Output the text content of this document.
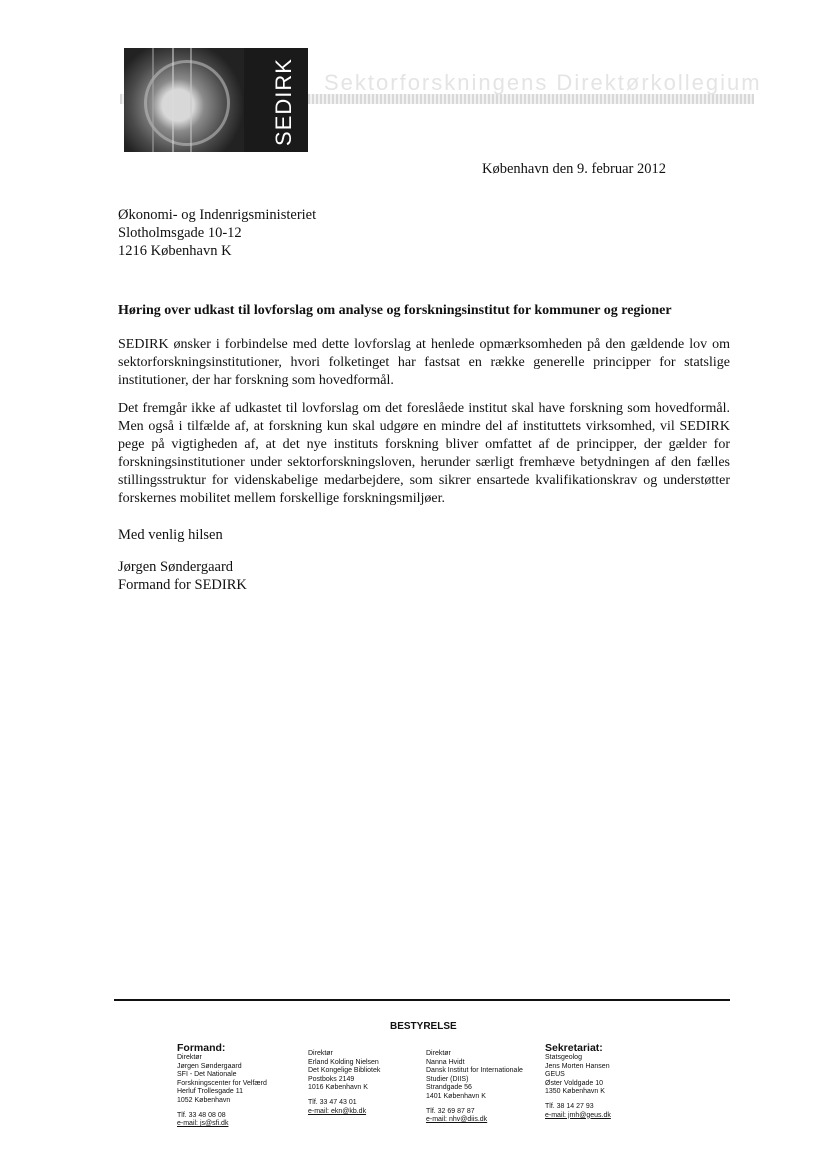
SEDIRK Sektorforskningens Direktørkollegium
København den 9. februar 2012
Økonomi- og Indenrigsministeriet
Slotholmsgade 10-12
1216 København K
Høring over udkast til lovforslag om analyse og forskningsinstitut for kommuner og regioner
SEDIRK ønsker i forbindelse med dette lovforslag at henlede opmærksomheden på den gældende lov om sektorforskningsinstitutioner, hvori folketinget har fastsat en række generelle principper for statslige institutioner, der har forskning som hovedformål.
Det fremgår ikke af udkastet til lovforslag om det foreslåede institut skal have forskning som hovedformål. Men også i tilfælde af, at forskning kun skal udgøre en mindre del af instituttets virksomhed, vil SEDIRK pege på vigtigheden af, at det nye instituts forskning bliver omfattet af de principper, der gælder for forskningsinstitutioner under sektorforskningsloven, herunder særligt fremhæve betydningen af den fælles stillingsstruktur for videnskabelige medarbejdere, som sikrer ensartede kvalifikationskrav og understøtter forskernes mobilitet mellem forskellige forskningsmiljøer.
Med venlig hilsen
Jørgen Søndergaard
Formand for SEDIRK
BESTYRELSE
Formand:
Direktør
Jørgen Søndergaard
SFI - Det Nationale
Forskningscenter for Velfærd
Herluf Trollesgade 11
1052 København
Tlf. 33 48 08 08
e-mail: js@sfi.dk
Direktør
Erland Kolding Nielsen
Det Kongelige Bibliotek
Postboks 2149
1016 København K
Tlf. 33 47 43 01
e-mail: ekn@kb.dk
Direktør
Nanna Hvidt
Dansk Institut for Internationale
Studier (DIIS)
Strandgade 56
1401 København K
Tlf. 32 69 87 87
e-mail: nhv@diis.dk
Sekretariat:
Statsgeolog
Jens Morten Hansen
GEUS
Øster Voldgade 10
1350 København K
Tlf. 38 14 27 93
e-mail: jmh@geus.dk
